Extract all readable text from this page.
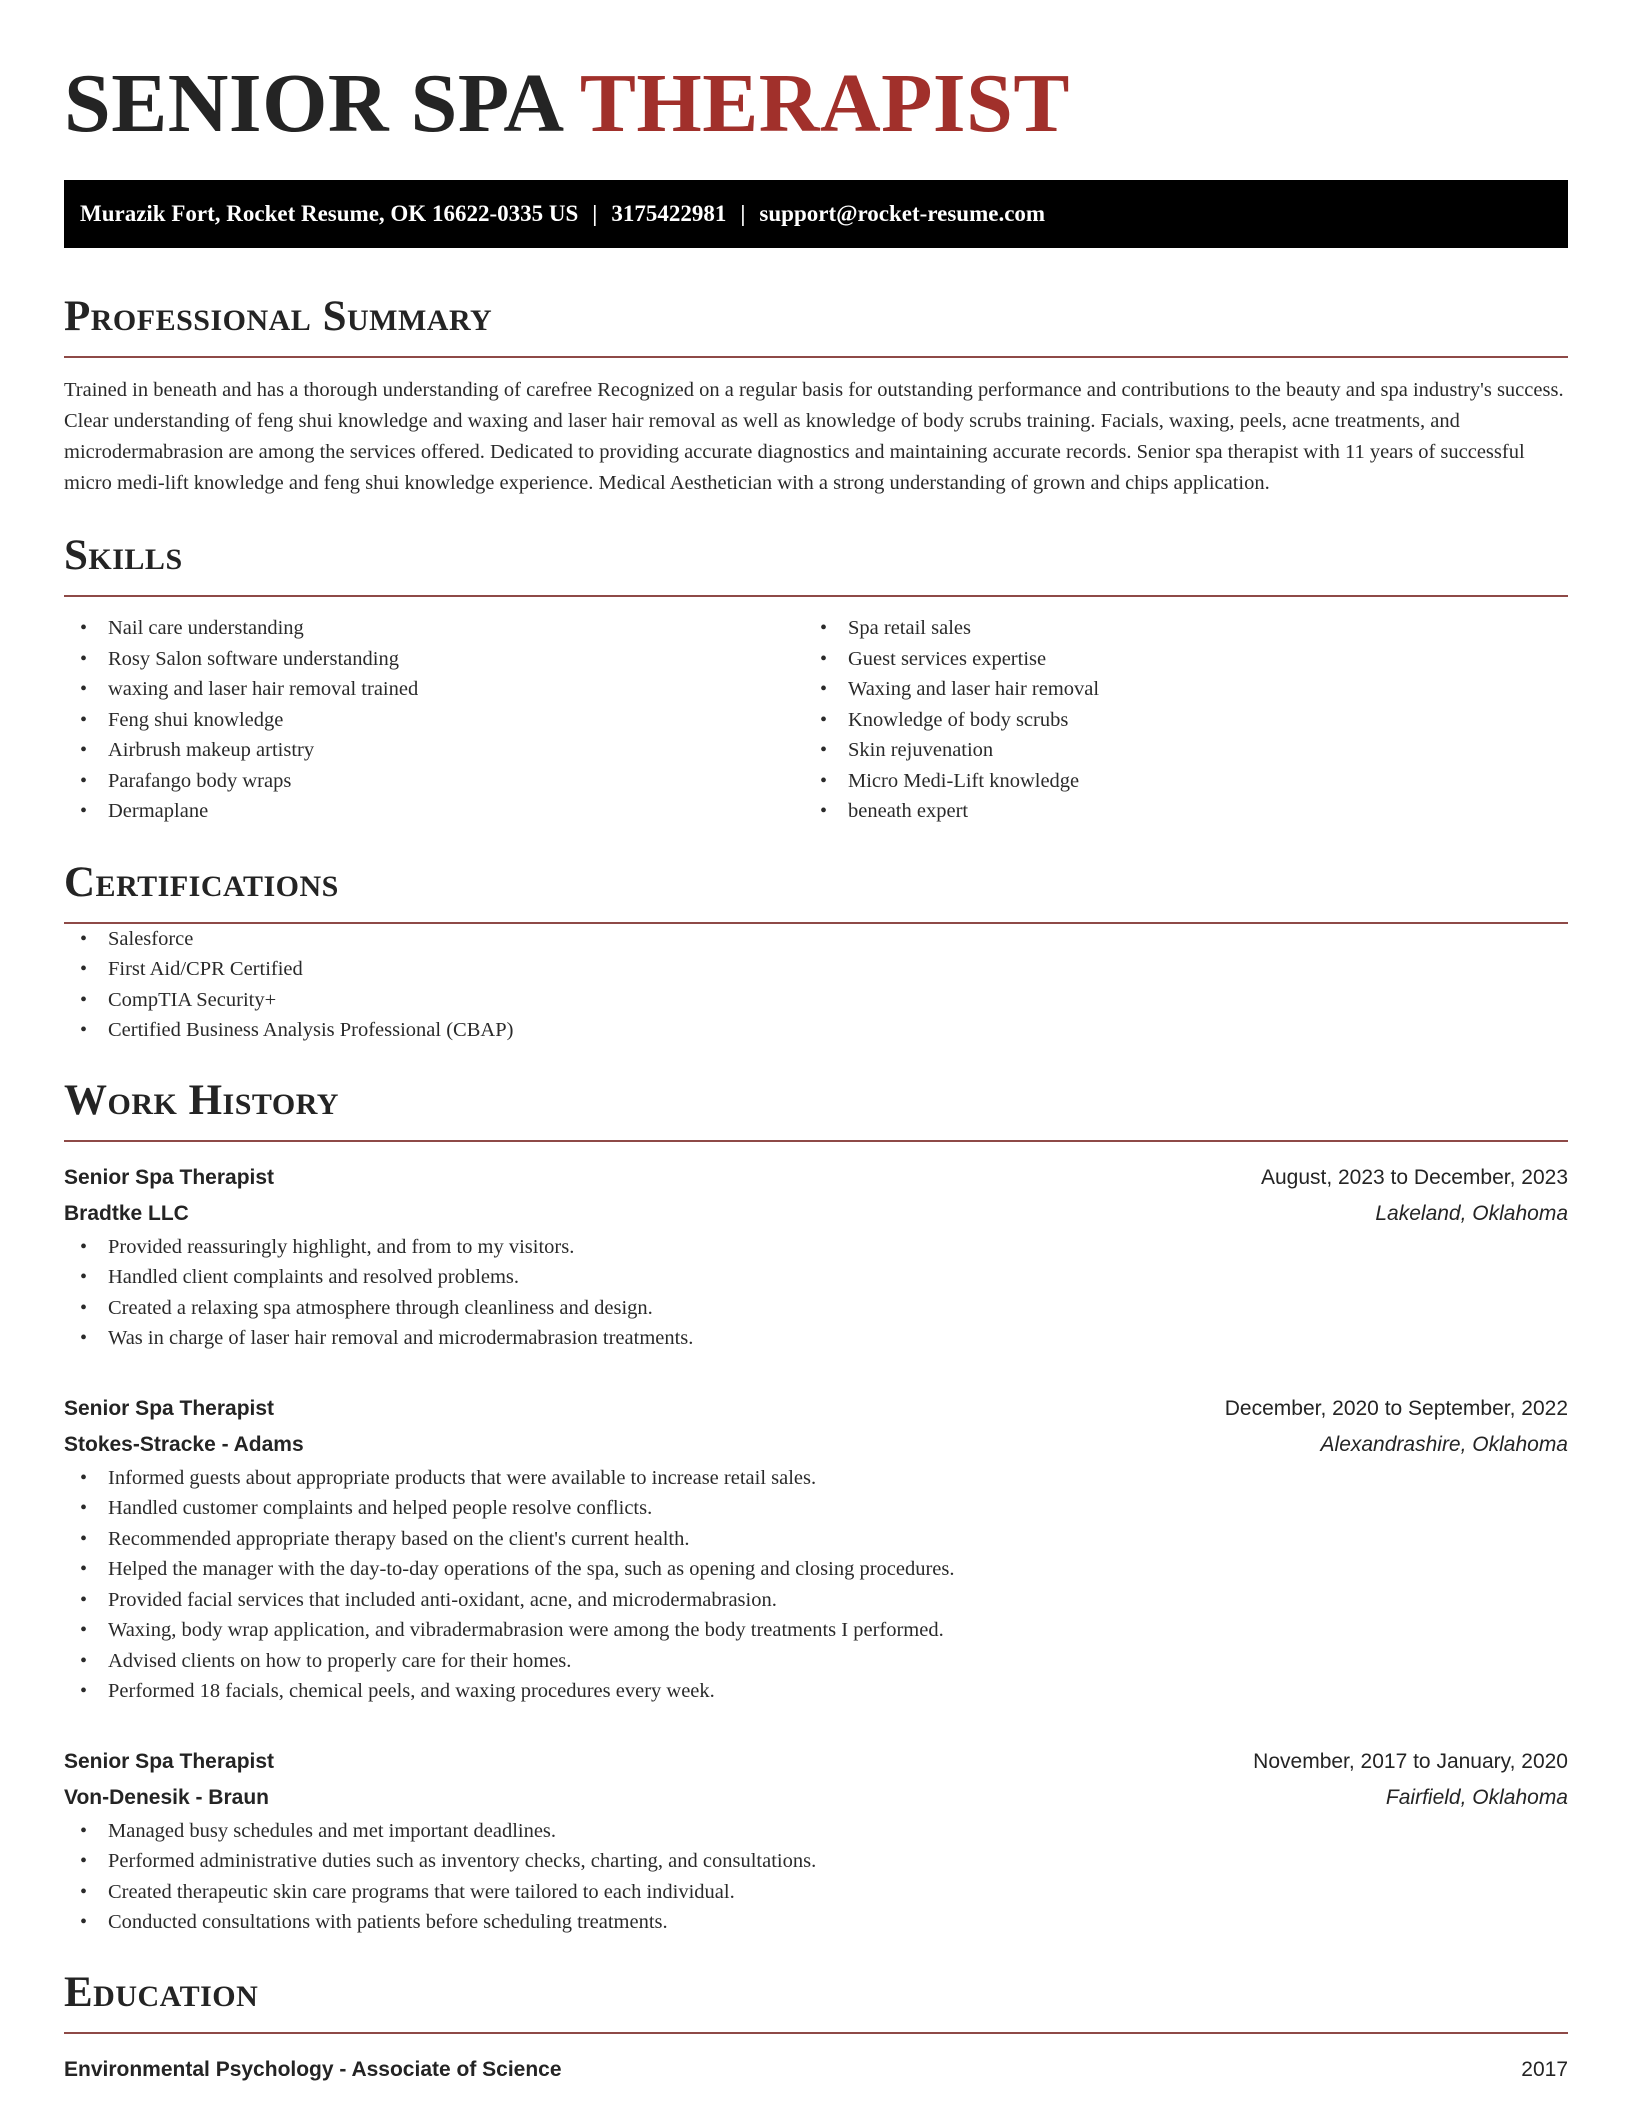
SENIOR SPA THERAPIST
Murazik Fort, Rocket Resume, OK 16622-0335 US | 3175422981 | support@rocket-resume.com
Professional Summary

Trained in beneath and has a thorough understanding of carefree Recognized on a regular basis for outstanding performance and contributions to the beauty and spa industry's success. Clear understanding of feng shui knowledge and waxing and laser hair removal as well as knowledge of body scrubs training. Facials, waxing, peels, acne treatments, and microdermabrasion are among the services offered. Dedicated to providing accurate diagnostics and maintaining accurate records. Senior spa therapist with 11 years of successful micro medi-lift knowledge and feng shui knowledge experience. Medical Aesthetician with a strong understanding of grown and chips application.

Skills
• Nail care understanding
• Rosy Salon software understanding
• waxing and laser hair removal trained
• Feng shui knowledge
• Airbrush makeup artistry
• Parafango body wraps
• Dermaplane
• Spa retail sales
• Guest services expertise
• Waxing and laser hair removal
• Knowledge of body scrubs
• Skin rejuvenation
• Micro Medi-Lift knowledge
• beneath expert
Certifications
• Salesforce
• First Aid/CPR Certified
• CompTIA Security+
• Certified Business Analysis Professional (CBAP)
Work History
Senior Spa Therapist	August, 2023 to December, 2023
Bradtke LLC	Lakeland, Oklahoma
• Provided reassuringly highlight, and from to my visitors.
• Handled client complaints and resolved problems.
• Created a relaxing spa atmosphere through cleanliness and design.
• Was in charge of laser hair removal and microdermabrasion treatments.
Senior Spa Therapist	December, 2020 to September, 2022
Stokes-Stracke - Adams	Alexandrashire, Oklahoma
• Informed guests about appropriate products that were available to increase retail sales.
• Handled customer complaints and helped people resolve conflicts.
• Recommended appropriate therapy based on the client's current health.
• Helped the manager with the day-to-day operations of the spa, such as opening and closing procedures.
• Provided facial services that included anti-oxidant, acne, and microdermabrasion.
• Waxing, body wrap application, and vibradermabrasion were among the body treatments I performed.
• Advised clients on how to properly care for their homes.
• Performed 18 facials, chemical peels, and waxing procedures every week.
Senior Spa Therapist	November, 2017 to January, 2020
Von-Denesik - Braun	Fairfield, Oklahoma
• Managed busy schedules and met important deadlines.
• Performed administrative duties such as inventory checks, charting, and consultations.
• Created therapeutic skin care programs that were tailored to each individual.
• Conducted consultations with patients before scheduling treatments.
Education
Environmental Psychology - Associate of Science	2017
